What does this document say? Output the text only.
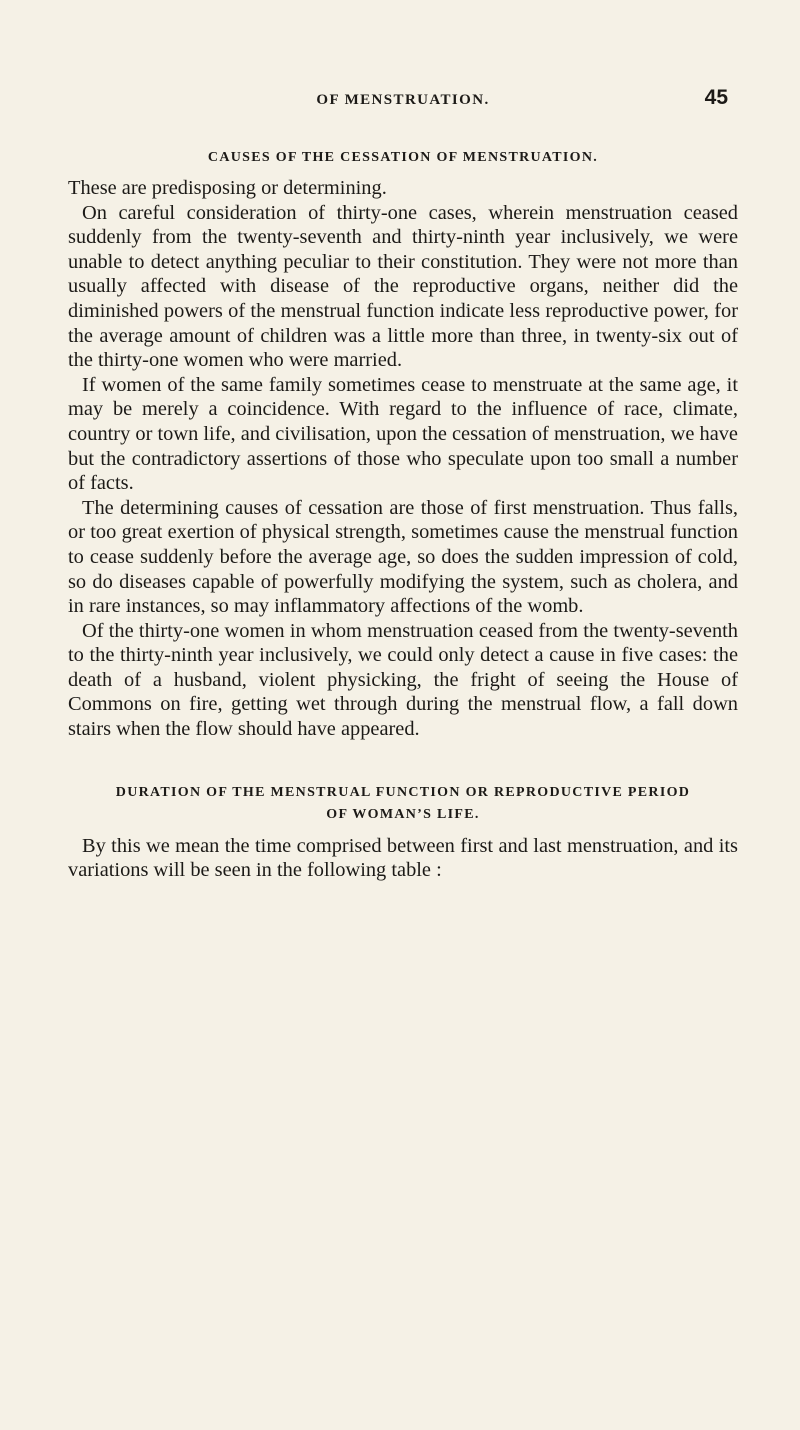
OF MENSTRUATION.	45
CAUSES OF THE CESSATION OF MENSTRUATION.

These are predisposing or determining.

On careful consideration of thirty-one cases, wherein menstruation ceased suddenly from the twenty-seventh and thirty-ninth year inclusively, we were unable to detect anything peculiar to their constitution. They were not more than usually affected with disease of the reproductive organs, neither did the diminished powers of the menstrual function indicate less reproductive power, for the average amount of children was a little more than three, in twenty-six out of the thirty-one women who were married.

If women of the same family sometimes cease to menstruate at the same age, it may be merely a coincidence. With regard to the influence of race, climate, country or town life, and civilisation, upon the cessation of menstruation, we have but the contradictory assertions of those who speculate upon too small a number of facts.

The determining causes of cessation are those of first menstruation. Thus falls, or too great exertion of physical strength, sometimes cause the menstrual function to cease suddenly before the average age, so does the sudden impression of cold, so do diseases capable of powerfully modifying the system, such as cholera, and in rare instances, so may inflammatory affections of the womb.

Of the thirty-one women in whom menstruation ceased from the twenty-seventh to the thirty-ninth year inclusively, we could only detect a cause in five cases: the death of a husband, violent physicking, the fright of seeing the House of Commons on fire, getting wet through during the menstrual flow, a fall down stairs when the flow should have appeared.

DURATION OF THE MENSTRUAL FUNCTION OR REPRODUCTIVE PERIOD
OF WOMAN’S LIFE.

By this we mean the time comprised between first and last menstruation, and its variations will be seen in the following table :
